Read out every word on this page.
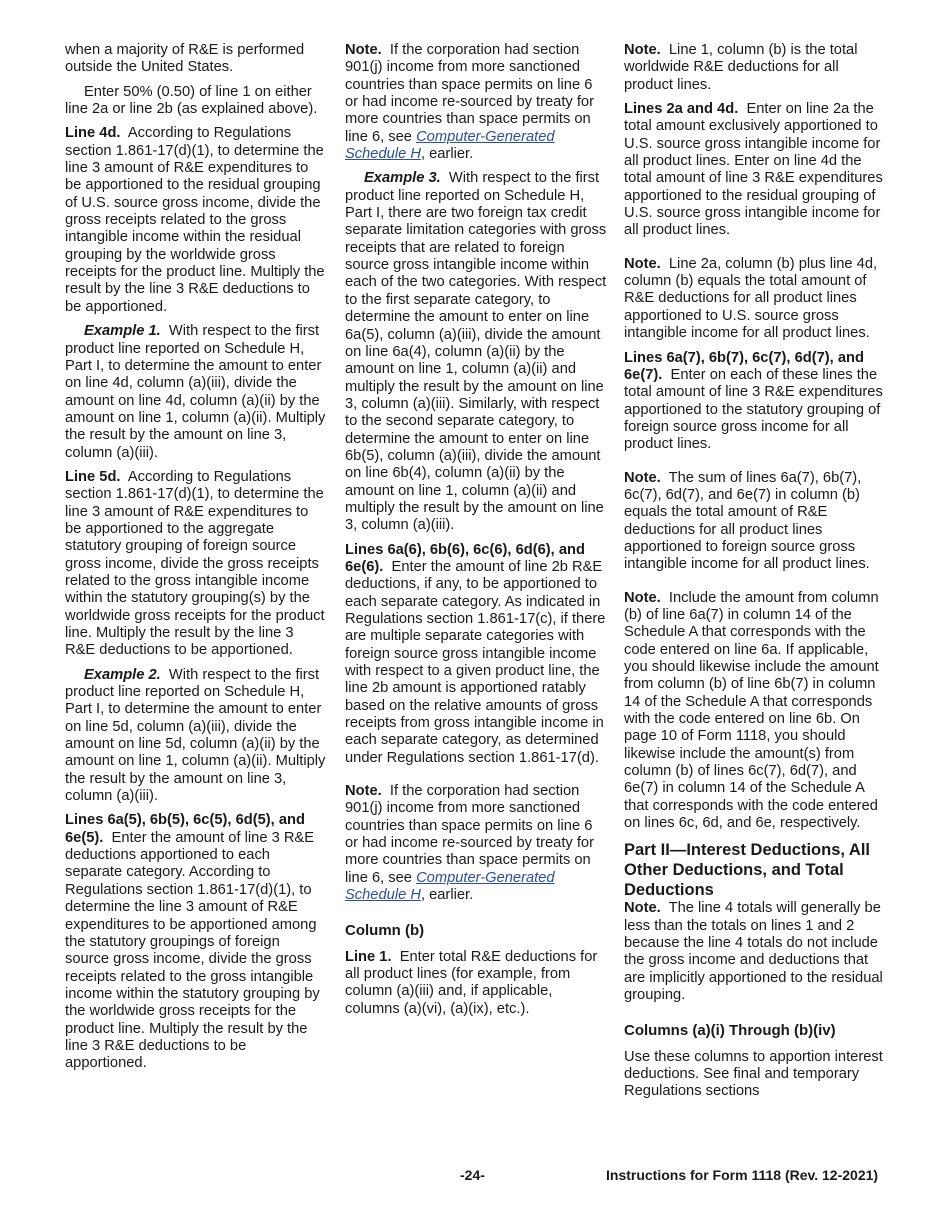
when a majority of R&E is performed outside the United States.

Enter 50% (0.50) of line 1 on either line 2a or line 2b (as explained above).

Line 4d. According to Regulations section 1.861-17(d)(1), to determine the line 3 amount of R&E expenditures to be apportioned to the residual grouping of U.S. source gross income, divide the gross receipts related to the gross intangible income within the residual grouping by the worldwide gross receipts for the product line. Multiply the result by the line 3 R&E deductions to be apportioned.

Example 1. With respect to the first product line reported on Schedule H, Part I, to determine the amount to enter on line 4d, column (a)(iii), divide the amount on line 4d, column (a)(ii) by the amount on line 1, column (a)(ii). Multiply the result by the amount on line 3, column (a)(iii).

Line 5d. According to Regulations section 1.861-17(d)(1), to determine the line 3 amount of R&E expenditures to be apportioned to the aggregate statutory grouping of foreign source gross income, divide the gross receipts related to the gross intangible income within the statutory grouping(s) by the worldwide gross receipts for the product line. Multiply the result by the line 3 R&E deductions to be apportioned.

Example 2. With respect to the first product line reported on Schedule H, Part I, to determine the amount to enter on line 5d, column (a)(iii), divide the amount on line 5d, column (a)(ii) by the amount on line 1, column (a)(ii). Multiply the result by the amount on line 3, column (a)(iii).

Lines 6a(5), 6b(5), 6c(5), 6d(5), and 6e(5). Enter the amount of line 3 R&E deductions apportioned to each separate category. According to Regulations section 1.861-17(d)(1), to determine the line 3 amount of R&E expenditures to be apportioned among the statutory groupings of foreign source gross income, divide the gross receipts related to the gross intangible income within the statutory grouping by the worldwide gross receipts for the product line. Multiply the result by the line 3 R&E deductions to be apportioned.

Note. If the corporation had section 901(j) income from more sanctioned countries than space permits on line 6 or had income re-sourced by treaty for more countries than space permits on line 6, see Computer-Generated Schedule H, earlier.

Example 3. With respect to the first product line reported on Schedule H, Part I, there are two foreign tax credit separate limitation categories with gross receipts that are related to foreign source gross intangible income within each of the two categories. With respect to the first separate category, to determine the amount to enter on line 6a(5), column (a)(iii), divide the amount on line 6a(4), column (a)(ii) by the amount on line 1, column (a)(ii) and multiply the result by the amount on line 3, column (a)(iii). Similarly, with respect to the second separate category, to determine the amount to enter on line 6b(5), column (a)(iii), divide the amount on line 6b(4), column (a)(ii) by the amount on line 1, column (a)(ii) and multiply the result by the amount on line 3, column (a)(iii).

Lines 6a(6), 6b(6), 6c(6), 6d(6), and 6e(6). Enter the amount of line 2b R&E deductions, if any, to be apportioned to each separate category. As indicated in Regulations section 1.861-17(c), if there are multiple separate categories with foreign source gross intangible income with respect to a given product line, the line 2b amount is apportioned ratably based on the relative amounts of gross receipts from gross intangible income in each separate category, as determined under Regulations section 1.861-17(d).

Note. If the corporation had section 901(j) income from more sanctioned countries than space permits on line 6 or had income re-sourced by treaty for more countries than space permits on line 6, see Computer-Generated Schedule H, earlier.

Column (b)

Line 1. Enter total R&E deductions for all product lines (for example, from column (a)(iii) and, if applicable, columns (a)(vi), (a)(ix), etc.).

Note. Line 1, column (b) is the total worldwide R&E deductions for all product lines.

Lines 2a and 4d. Enter on line 2a the total amount exclusively apportioned to U.S. source gross intangible income for all product lines. Enter on line 4d the total amount of line 3 R&E expenditures apportioned to the residual grouping of U.S. source gross intangible income for all product lines.

Note. Line 2a, column (b) plus line 4d, column (b) equals the total amount of R&E deductions for all product lines apportioned to U.S. source gross intangible income for all product lines.

Lines 6a(7), 6b(7), 6c(7), 6d(7), and 6e(7). Enter on each of these lines the total amount of line 3 R&E expenditures apportioned to the statutory grouping of foreign source gross income for all product lines.

Note. The sum of lines 6a(7), 6b(7), 6c(7), 6d(7), and 6e(7) in column (b) equals the total amount of R&E deductions for all product lines apportioned to foreign source gross intangible income for all product lines.

Note. Include the amount from column (b) of line 6a(7) in column 14 of the Schedule A that corresponds with the code entered on line 6a. If applicable, you should likewise include the amount from column (b) of line 6b(7) in column 14 of the Schedule A that corresponds with the code entered on line 6b. On page 10 of Form 1118, you should likewise include the amount(s) from column (b) of lines 6c(7), 6d(7), and 6e(7) in column 14 of the Schedule A that corresponds with the code entered on lines 6c, 6d, and 6e, respectively.

Part II—Interest Deductions, All Other Deductions, and Total Deductions

Note. The line 4 totals will generally be less than the totals on lines 1 and 2 because the line 4 totals do not include the gross income and deductions that are implicitly apportioned to the residual grouping.

Columns (a)(i) Through (b)(iv)

Use these columns to apportion interest deductions. See final and temporary Regulations sections

-24-	Instructions for Form 1118 (Rev. 12-2021)
